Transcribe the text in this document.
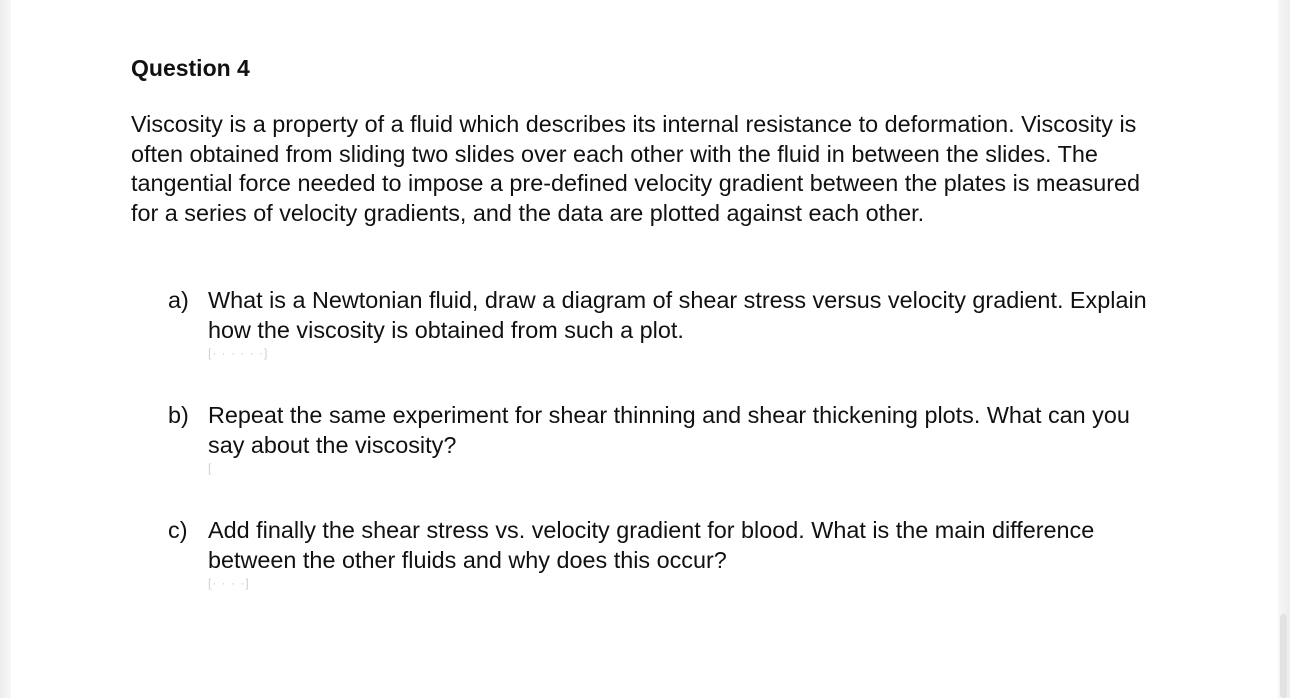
Question 4

Viscosity is a property of a fluid which describes its internal resistance to deformation. Viscosity is often obtained from sliding two slides over each other with the fluid in between the slides. The tangential force needed to impose a pre-defined velocity gradient between the plates is measured for a series of velocity gradients, and the data are plotted against each other.

a) What is a Newtonian fluid, draw a diagram of shear stress versus velocity gradient. Explain how the viscosity is obtained from such a plot.
[· · · · · ·]
b) Repeat the same experiment for shear thinning and shear thickening plots. What can you say about the viscosity?
[
c) Add finally the shear stress vs. velocity gradient for blood. What is the main difference between the other fluids and why does this occur?
[· · · ·]
